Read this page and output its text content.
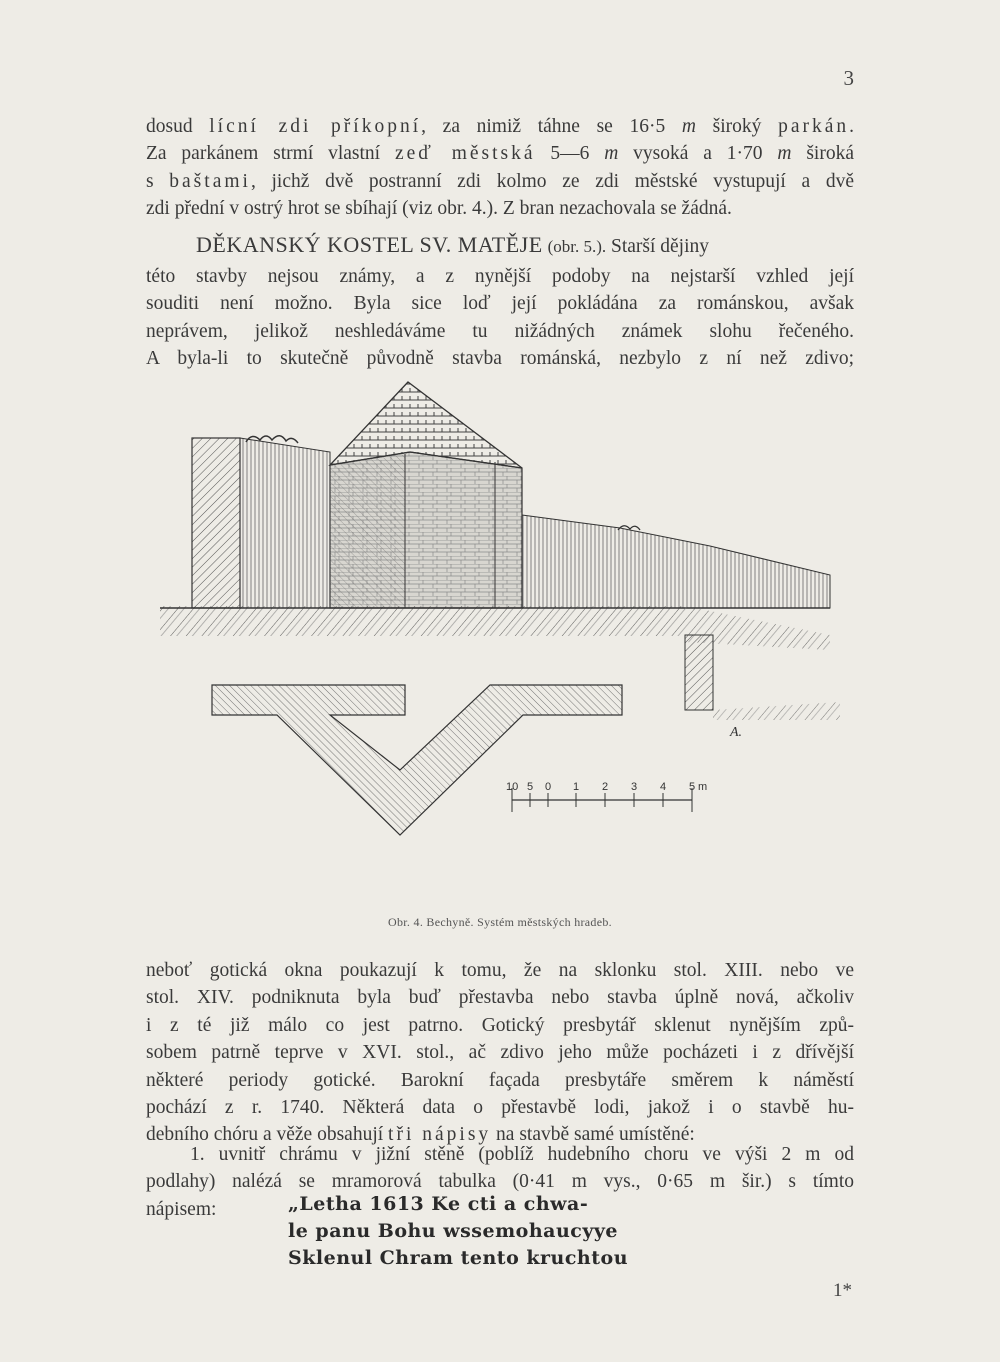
3
dosud lícní zdi příkopní, za nimiž táhne se 16·5 m široký parkán.
Za parkánem strmí vlastní zeď městská 5—6 m vysoká a 1·70 m široká
s baštami, jichž dvě postranní zdi kolmo ze zdi městské vystupují a dvě
zdi přední v ostrý hrot se sbíhají (viz obr. 4.). Z bran nezachovala se žádná.
DĚKANSKÝ KOSTEL SV. MATĚJE (obr. 5.). Starší dějiny
této stavby nejsou známy, a z nynější podoby na nejstarší vzhled její
souditi není možno. Byla sice loď její pokládána za románskou, avšak
neprávem, jelikož neshledáváme tu nižádných známek slohu řečeného.
A byla-li to skutečně původně stavba románská, nezbylo z ní než zdivo;
10 5 0 1 2 3 4 5 m
A.
Obr. 4. Bechyně. Systém městských hradeb.
neboť gotická okna poukazují k tomu, že na sklonku stol. XIII. nebo ve
stol. XIV. podniknuta byla buď přestavba nebo stavba úplně nová, ačkoliv
i z té již málo co jest patrno. Gotický presbytář sklenut nynějším způ-
sobem patrně teprve v XVI. stol., ač zdivo jeho může pocházeti i z dřívější
některé periody gotické. Barokní façada presbytáře směrem k náměstí
pochází z r. 1740. Některá data o přestavbě lodi, jakož i o stavbě hu-
debního chóru a věže obsahují tři nápisy na stavbě samé umístěné:
1. uvnitř chrámu v jižní stěně (poblíž hudebního choru ve výši 2 m od
podlahy) nalézá se mramorová tabulka (0·41 m vys., 0·65 m šir.) s tímto
nápisem:	„Letha 1613 Ke cti a chwa-
le panu Bohu wssemohaucyye
Sklenul Chram tento kruchtou
1*
